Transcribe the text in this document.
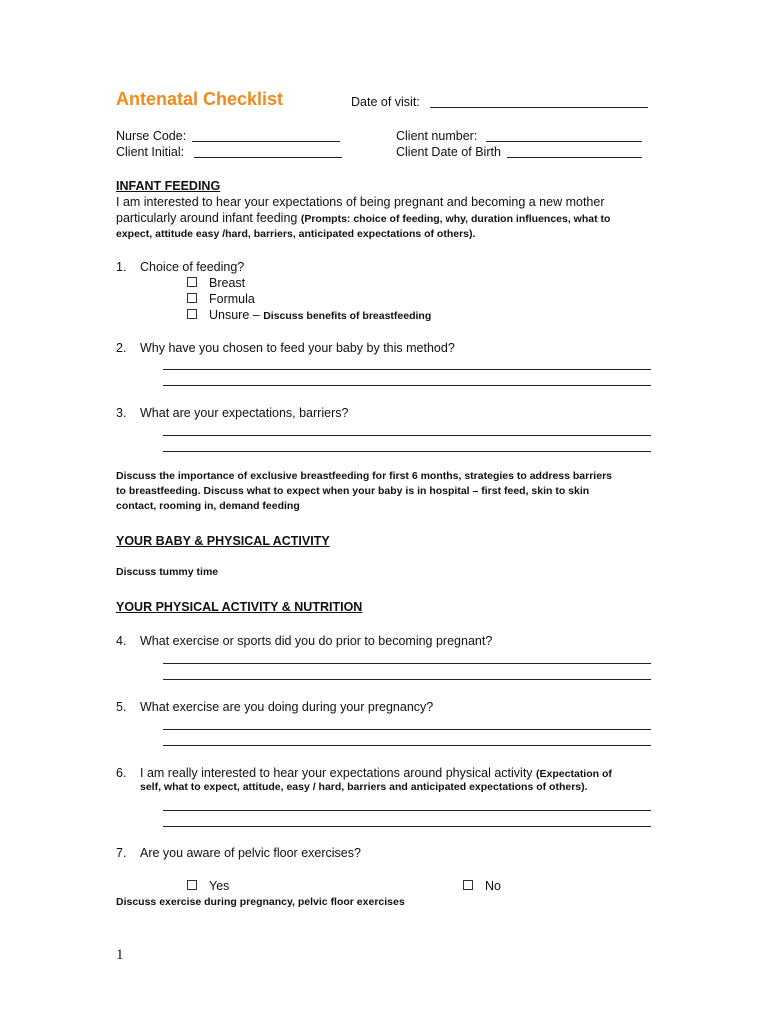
Antenatal Checklist	Date of visit:
Nurse Code:
Client Initial:
Client number:
Client Date of Birth
INFANT FEEDING
I am interested to hear your expectations of being pregnant and becoming a new mother
particularly around infant feeding (Prompts: choice of feeding, why, duration influences, what to
expect, attitude easy /hard, barriers, anticipated expectations of others).
1. Choice of feeding?
Breast
Formula
Unsure – Discuss benefits of breastfeeding
2. Why have you chosen to feed your baby by this method?
3. What are your expectations, barriers?
Discuss the importance of exclusive breastfeeding for first 6 months, strategies to address barriers
to breastfeeding. Discuss what to expect when your baby is in hospital – first feed, skin to skin
contact, rooming in, demand feeding
YOUR BABY & PHYSICAL ACTIVITY
Discuss tummy time
YOUR PHYSICAL ACTIVITY & NUTRITION
4. What exercise or sports did you do prior to becoming pregnant?
5. What exercise are you doing during your pregnancy?
6. I am really interested to hear your expectations around physical activity (Expectation of
self, what to expect, attitude, easy / hard, barriers and anticipated expectations of others).
7. Are you aware of pelvic floor exercises?
Yes	No
Discuss exercise during pregnancy, pelvic floor exercises
1
